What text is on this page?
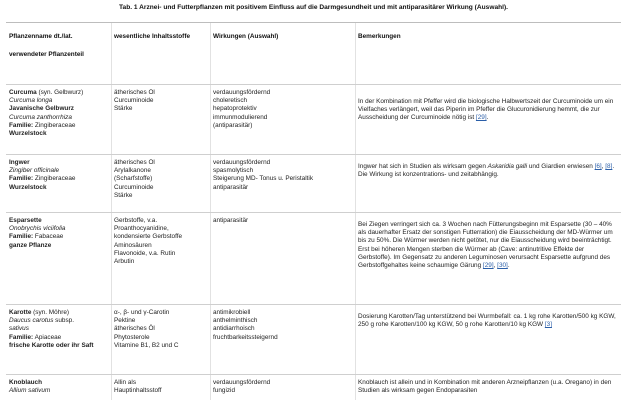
Tab. 1 Arznei- und Futterpflanzen mit positivem Einfluss auf die Darmgesundheit und mit antiparasitärer Wirkung (Auswahl).
Pflanzenname dt./lat.
verwendeter Pflanzenteil
wesentliche Inhaltsstoffe	Wirkungen (Auswahl)	Bemerkungen
Curcuma (syn. Gelbwurz)
Curcuma longa
Javanische Gelbwurz
Curcuma zanthorrhiza
Familie: Zingiberaceae
Wurzelstock
ätherisches Öl
Curcuminoide
Stärke
verdauungsfördernd
choleretisch
hepatoprotektiv
immunmodulierend
(antiparasitär)
In der Kombination mit Pfeffer wird die biologische Halbwertszeit der Curcuminoide um ein Vielfaches verlängert, weil das Piperin im Pfeffer die Glucuronidierung hemmt, die zur Ausscheidung der Curcuminoide nötig ist [29].
Ingwer
Zingiber officinale
Familie: Zingiberaceae
Wurzelstock
ätherisches Öl
Arylalkanone
(Scharfstoffe)
Curcuminoide
Stärke
verdauungsfördernd
spasmolytisch
Steigerung MD- Tonus u. Peristaltik
antiparasitär
Ingwer hat sich in Studien als wirksam gegen Askaridia galli und Giardien erwiesen [6], [8]. Die Wirkung ist konzentrations- und zeitabhängig.
Esparsette
Onobrychis viciifolia
Familie: Fabaceae
ganze Pflanze
Gerbstoffe, v.a.
Proanthocyanidine,
kondensierte Gerbstoffe
Aminosäuren
Flavonoide, v.a. Rutin
Arbutin
antiparasitär
Bei Ziegen verringert sich ca. 3 Wochen nach Fütterungsbeginn mit Esparsette (30 – 40% als dauerhafter Ersatz der sonstigen Futterration) die Eiausscheidung der MD-Würmer um bis zu 50%. Die Würmer werden nicht getötet, nur die Eiausscheidung wird beeinträchtigt. Erst bei höheren Mengen sterben die Würmer ab (Cave: antinutritive Effekte der Gerbstoffe). Im Gegensatz zu anderen Leguminosen verursacht Esparsette aufgrund des Gerbstoffgehaltes keine schaumige Gärung [29], [30].
Karotte (syn. Möhre)
Daucus carotus subsp.
sativus
Familie: Apiaceae
frische Karotte oder ihr Saft
α-, β- und γ-Carotin
Pektine
ätherisches Öl
Phytosterole
Vitamine B1, B2 und C
antimikrobiell
anthelminthisch
antidiarrhoisch
fruchtbarkeitssteigernd
Dosierung Karotten/Tag unterstützend bei Wurmbefall: ca. 1 kg rohe Karotten/500 kg KGW, 250 g rohe Karotten/100 kg KGW, 50 g rohe Karotten/10 kg KGW [3]
Knoblauch
Allium sativum
Allin als
Hauptinhaltsstoff
verdauungsfördernd
fungizid
Knoblauch ist allein und in Kombination mit anderen Arzneipflanzen (u.a. Oregano) in den Studien als wirksam gegen Endoparasiten
